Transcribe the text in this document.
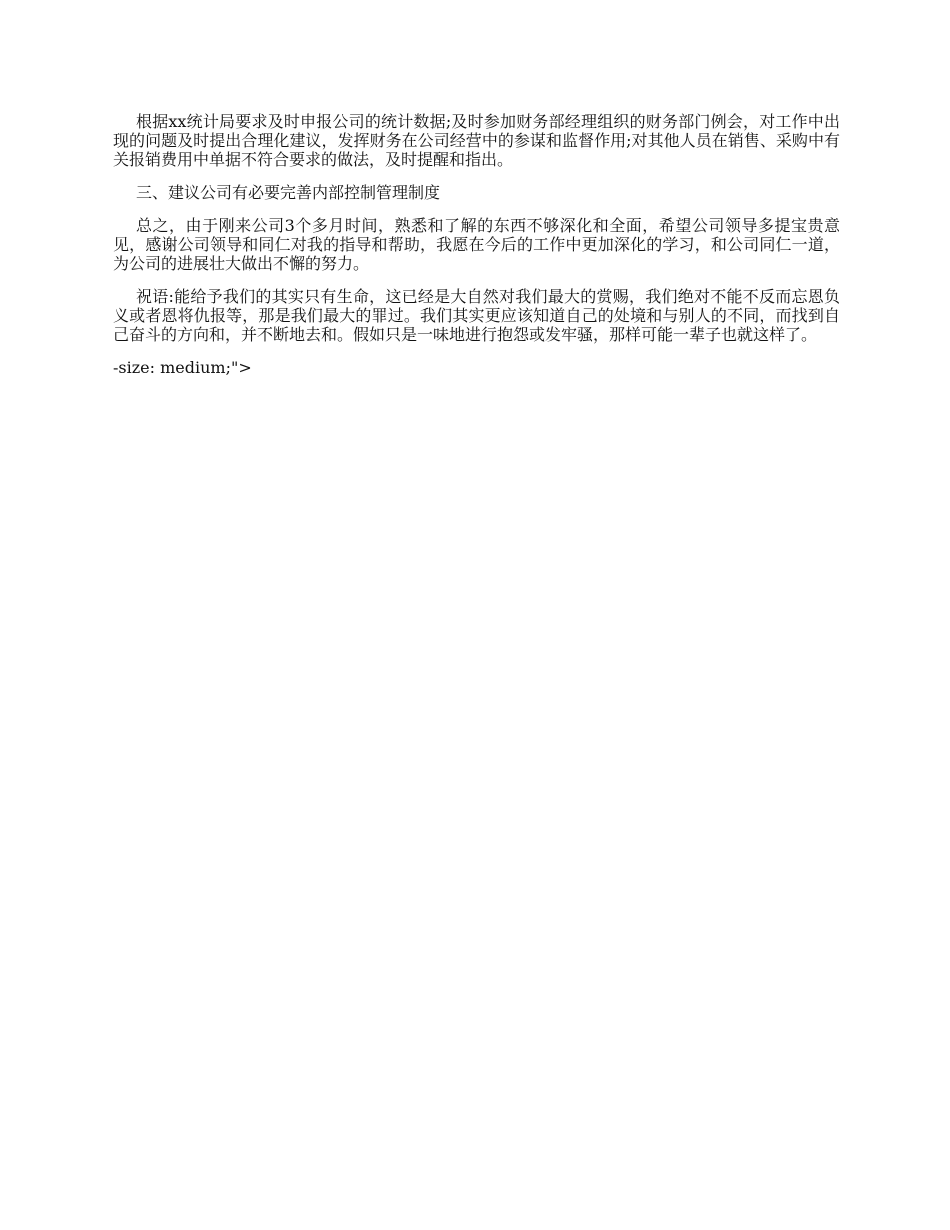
根据xx统计局要求及时申报公司的统计数据;及时参加财务部经理组织的财务部门例会，对工作中出现的问题及时提出合理化建议，发挥财务在公司经营中的参谋和监督作用;对其他人员在销售、采购中有关报销费用中单据不符合要求的做法，及时提醒和指出。

三、建议公司有必要完善内部控制管理制度

总之，由于刚来公司3个多月时间，熟悉和了解的东西不够深化和全面，希望公司领导多提宝贵意见，感谢公司领导和同仁对我的指导和帮助，我愿在今后的工作中更加深化的学习，和公司同仁一道，为公司的进展壮大做出不懈的努力。

祝语:能给予我们的其实只有生命，这已经是大自然对我们最大的赏赐，我们绝对不能不反而忘恩负义或者恩将仇报等，那是我们最大的罪过。我们其实更应该知道自己的处境和与别人的不同，而找到自己奋斗的方向和，并不断地去和。假如只是一味地进行抱怨或发牢骚，那样可能一辈子也就这样了。

-size: medium;">
